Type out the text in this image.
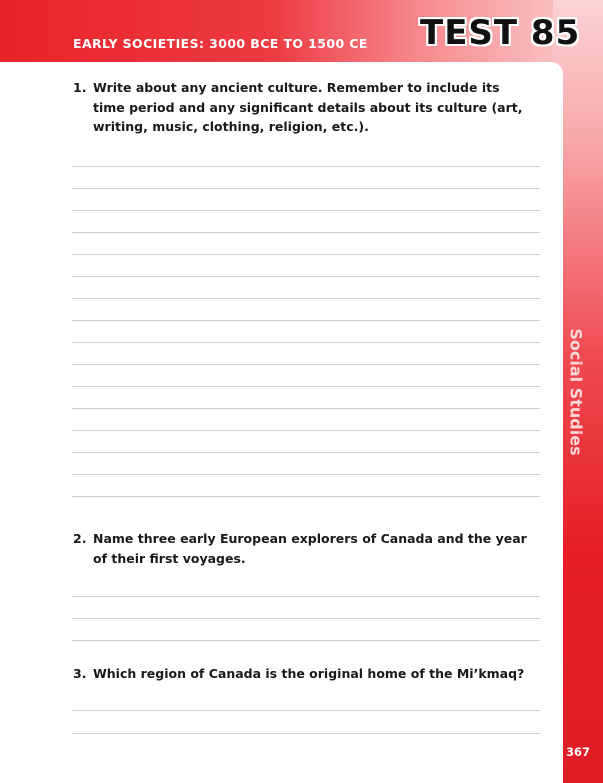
EARLY SOCIETIES: 3000 BCE TO 1500 CE TEST 85
Social Studies
367
1. Write about any ancient culture. Remember to include its time period and any significant details about its culture (art, writing, music, clothing, religion, etc.).
2. Name three early European explorers of Canada and the year of their first voyages.
3. Which region of Canada is the original home of the Mi’kmaq?
